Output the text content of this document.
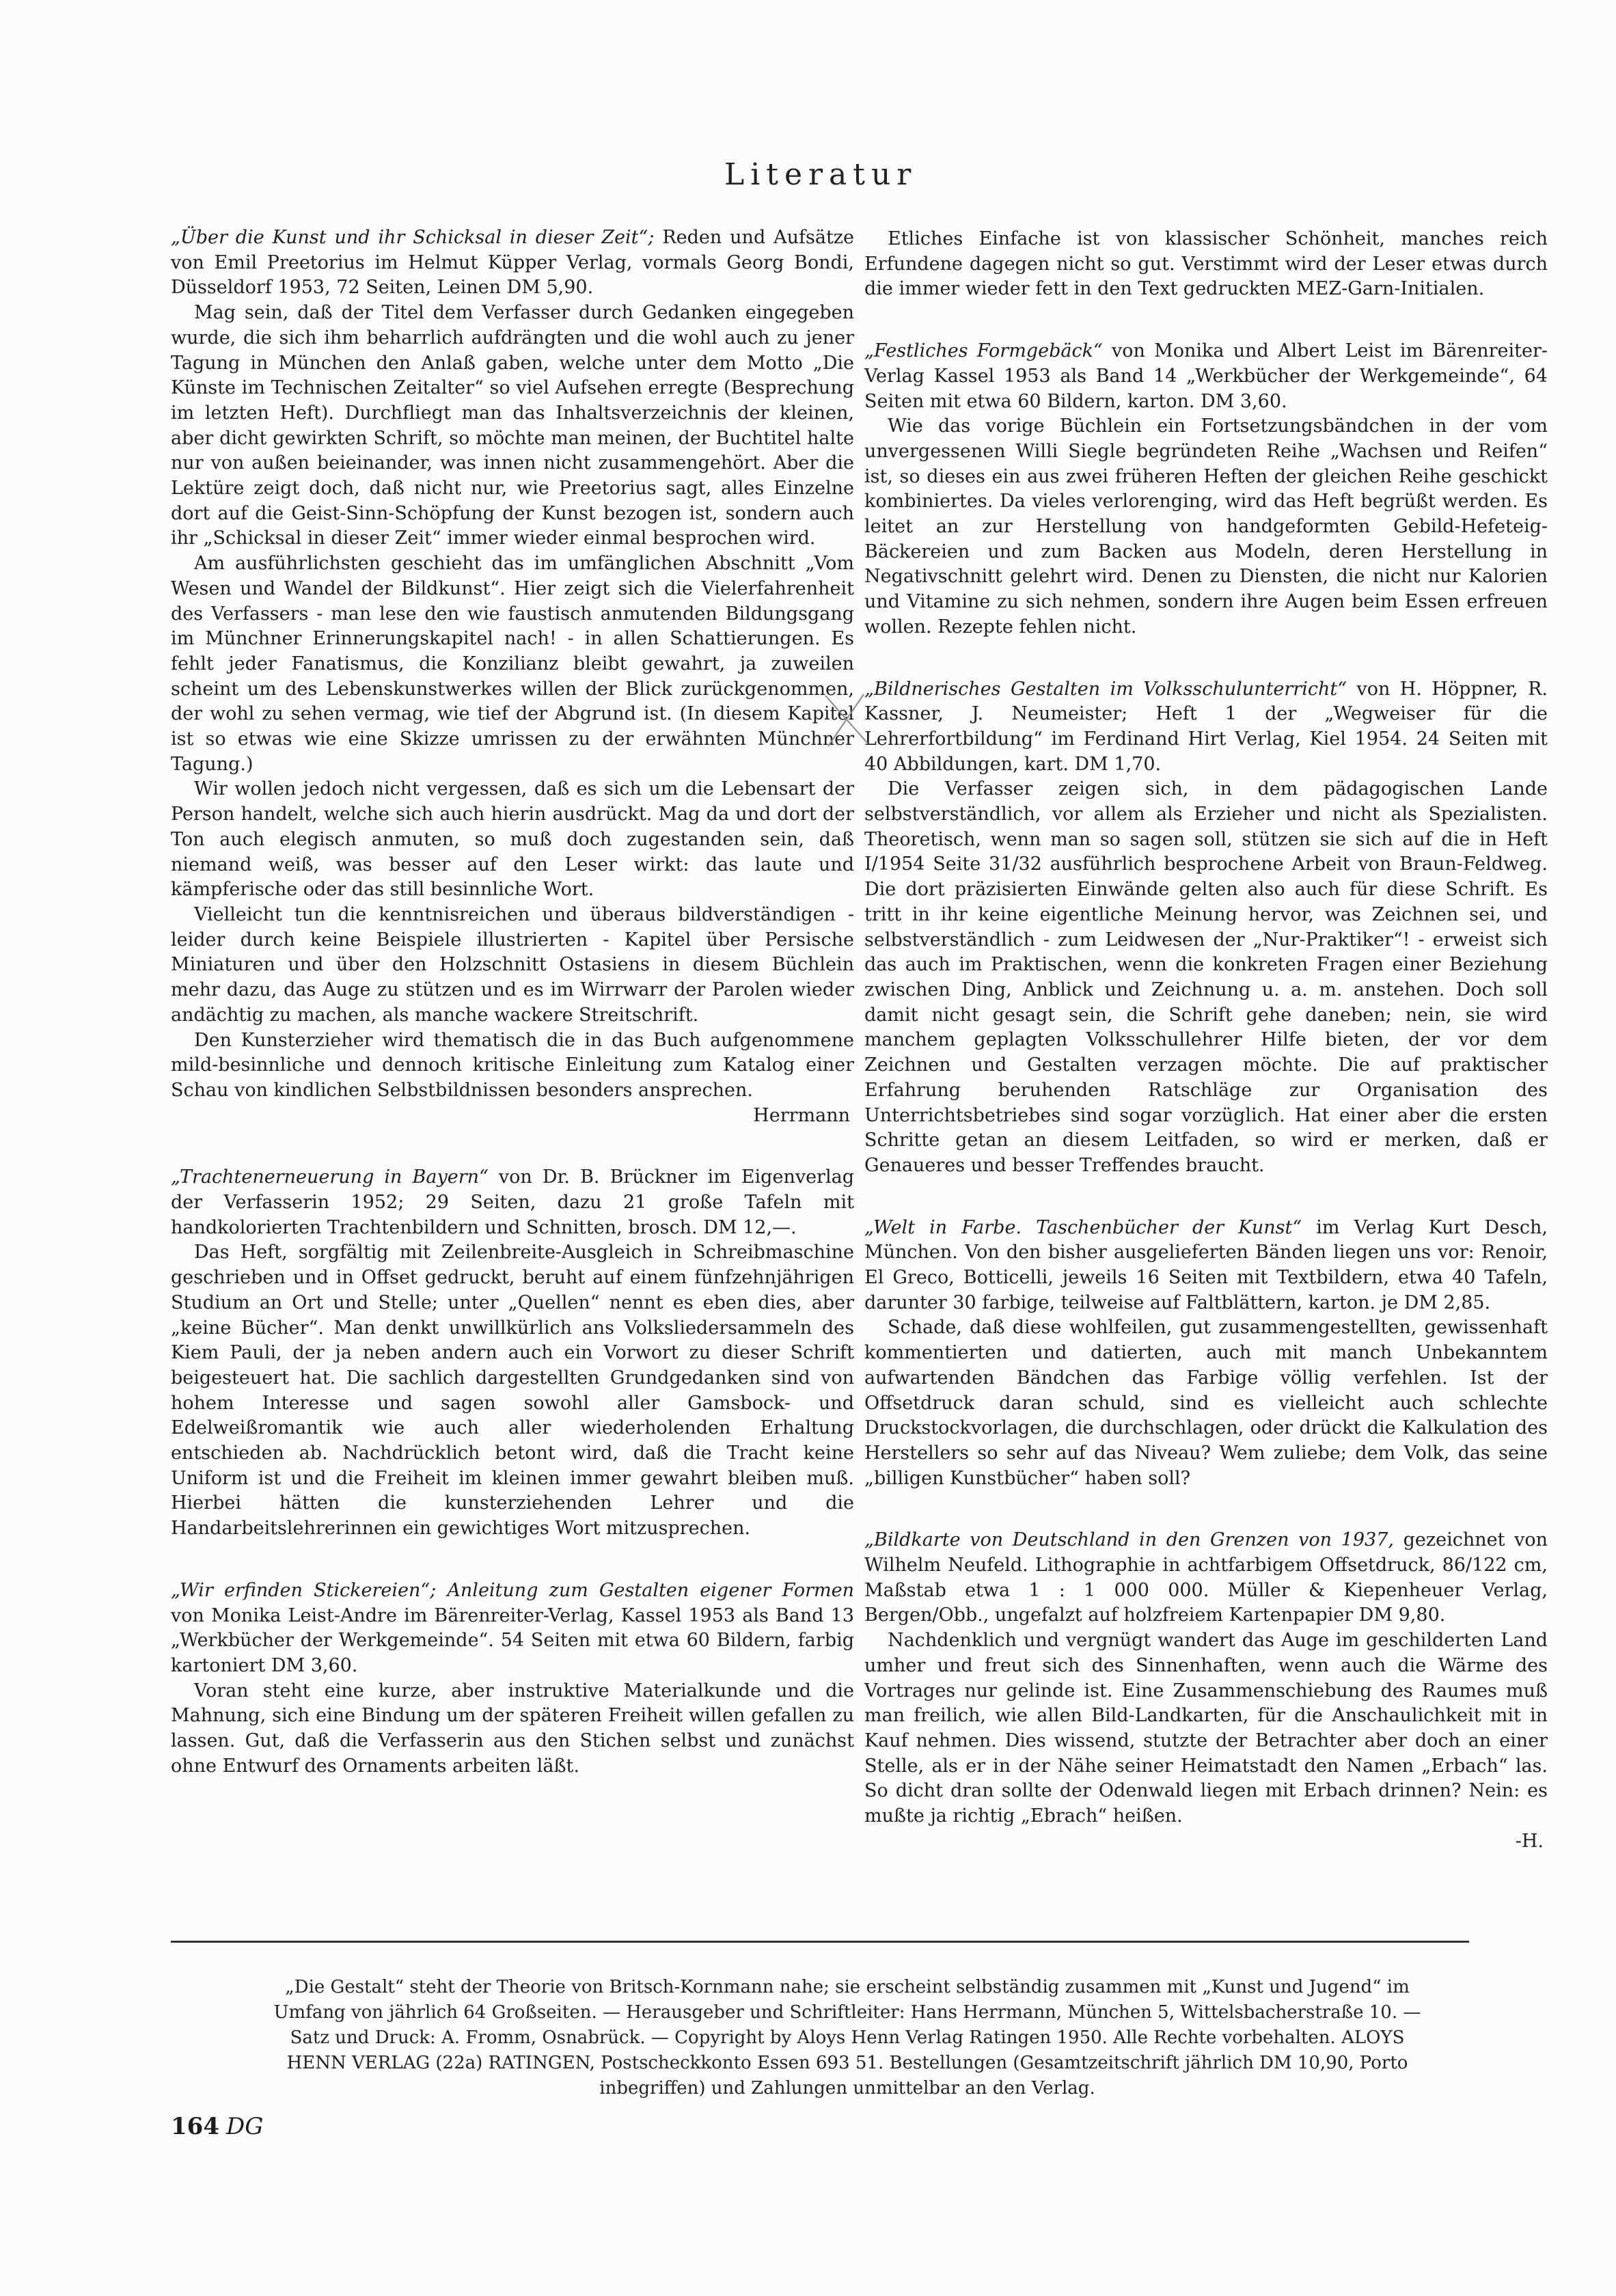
Literatur

„Über die Kunst und ihr Schicksal in dieser Zeit“; Reden und Aufsätze von Emil Preetorius im Helmut Küpper Verlag, vormals Georg Bondi, Düsseldorf 1953, 72 Seiten, Leinen DM 5,90.

Mag sein, daß der Titel dem Verfasser durch Gedanken eingegeben wurde, die sich ihm beharrlich aufdrängten und die wohl auch zu jener Tagung in München den Anlaß gaben, welche unter dem Motto „Die Künste im Technischen Zeitalter“ so viel Aufsehen erregte (Besprechung im letzten Heft). Durchfliegt man das Inhaltsverzeichnis der kleinen, aber dicht gewirkten Schrift, so möchte man meinen, der Buchtitel halte nur von außen beieinander, was innen nicht zusammengehört. Aber die Lektüre zeigt doch, daß nicht nur, wie Preetorius sagt, alles Einzelne dort auf die Geist-Sinn-Schöpfung der Kunst bezogen ist, sondern auch ihr „Schicksal in dieser Zeit“ immer wieder einmal besprochen wird.

Am ausführlichsten geschieht das im umfänglichen Abschnitt „Vom Wesen und Wandel der Bildkunst“. Hier zeigt sich die Vielerfahrenheit des Verfassers - man lese den wie faustisch anmutenden Bildungsgang im Münchner Erinnerungskapitel nach! - in allen Schattierungen. Es fehlt jeder Fanatismus, die Konzilianz bleibt gewahrt, ja zuweilen scheint um des Lebenskunstwerkes willen der Blick zurückgenommen, der wohl zu sehen vermag, wie tief der Abgrund ist. (In diesem Kapitel ist so etwas wie eine Skizze umrissen zu der erwähnten Münchner Tagung.)

Wir wollen jedoch nicht vergessen, daß es sich um die Lebensart der Person handelt, welche sich auch hierin ausdrückt. Mag da und dort der Ton auch elegisch anmuten, so muß doch zugestanden sein, daß niemand weiß, was besser auf den Leser wirkt: das laute und kämpferische oder das still besinnliche Wort.

Vielleicht tun die kenntnisreichen und überaus bildverständigen - leider durch keine Beispiele illustrierten - Kapitel über Persische Miniaturen und über den Holzschnitt Ostasiens in diesem Büchlein mehr dazu, das Auge zu stützen und es im Wirrwarr der Parolen wieder andächtig zu machen, als manche wackere Streitschrift.

Den Kunsterzieher wird thematisch die in das Buch aufgenommene mild-besinnliche und dennoch kritische Einleitung zum Katalog einer Schau von kindlichen Selbstbildnissen besonders ansprechen.

Herrmann

„Trachtenerneuerung in Bayern“ von Dr. B. Brückner im Eigenverlag der Verfasserin 1952; 29 Seiten, dazu 21 große Tafeln mit handkolorierten Trachtenbildern und Schnitten, brosch. DM 12,—.

Das Heft, sorgfältig mit Zeilenbreite-Ausgleich in Schreibmaschine geschrieben und in Offset gedruckt, beruht auf einem fünfzehnjährigen Studium an Ort und Stelle; unter „Quellen“ nennt es eben dies, aber „keine Bücher“. Man denkt unwillkürlich ans Volksliedersammeln des Kiem Pauli, der ja neben andern auch ein Vorwort zu dieser Schrift beigesteuert hat. Die sachlich dargestellten Grundgedanken sind von hohem Interesse und sagen sowohl aller Gamsbock- und Edelweißromantik wie auch aller wiederholenden Erhaltung entschieden ab. Nachdrücklich betont wird, daß die Tracht keine Uniform ist und die Freiheit im kleinen immer gewahrt bleiben muß. Hierbei hätten die kunsterziehenden Lehrer und die Handarbeitslehrerinnen ein gewichtiges Wort mitzusprechen.

„Wir erfinden Stickereien“; Anleitung zum Gestalten eigener Formen von Monika Leist-Andre im Bärenreiter-Verlag, Kassel 1953 als Band 13 „Werkbücher der Werkgemeinde“. 54 Seiten mit etwa 60 Bildern, farbig kartoniert DM 3,60.

Voran steht eine kurze, aber instruktive Materialkunde und die Mahnung, sich eine Bindung um der späteren Freiheit willen gefallen zu lassen. Gut, daß die Verfasserin aus den Stichen selbst und zunächst ohne Entwurf des Ornaments arbeiten läßt.

Etliches Einfache ist von klassischer Schönheit, manches reich Erfundene dagegen nicht so gut. Verstimmt wird der Leser etwas durch die immer wieder fett in den Text gedruckten MEZ-Garn-Initialen.

„Festliches Formgebäck“ von Monika und Albert Leist im Bärenreiter-Verlag Kassel 1953 als Band 14 „Werkbücher der Werkgemeinde“, 64 Seiten mit etwa 60 Bildern, karton. DM 3,60.

Wie das vorige Büchlein ein Fortsetzungsbändchen in der vom unvergessenen Willi Siegle begründeten Reihe „Wachsen und Reifen“ ist, so dieses ein aus zwei früheren Heften der gleichen Reihe geschickt kombiniertes. Da vieles verlorenging, wird das Heft begrüßt werden. Es leitet an zur Herstellung von handgeformten Gebild-Hefeteig-Bäckereien und zum Backen aus Modeln, deren Herstellung in Negativschnitt gelehrt wird. Denen zu Diensten, die nicht nur Kalorien und Vitamine zu sich nehmen, sondern ihre Augen beim Essen erfreuen wollen. Rezepte fehlen nicht.

„Bildnerisches Gestalten im Volksschulunterricht“ von H. Höppner, R. Kassner, J. Neumeister; Heft 1 der „Wegweiser für die Lehrerfortbildung“ im Ferdinand Hirt Verlag, Kiel 1954. 24 Seiten mit 40 Abbildungen, kart. DM 1,70.

Die Verfasser zeigen sich, in dem pädagogischen Lande selbstverständlich, vor allem als Erzieher und nicht als Spezialisten. Theoretisch, wenn man so sagen soll, stützen sie sich auf die in Heft I/1954 Seite 31/32 ausführlich besprochene Arbeit von Braun-Feldweg. Die dort präzisierten Einwände gelten also auch für diese Schrift. Es tritt in ihr keine eigentliche Meinung hervor, was Zeichnen sei, und selbstverständlich - zum Leidwesen der „Nur-Praktiker“! - erweist sich das auch im Praktischen, wenn die konkreten Fragen einer Beziehung zwischen Ding, Anblick und Zeichnung u. a. m. anstehen. Doch soll damit nicht gesagt sein, die Schrift gehe daneben; nein, sie wird manchem geplagten Volksschullehrer Hilfe bieten, der vor dem Zeichnen und Gestalten verzagen möchte. Die auf praktischer Erfahrung beruhenden Ratschläge zur Organisation des Unterrichtsbetriebes sind sogar vorzüglich. Hat einer aber die ersten Schritte getan an diesem Leitfaden, so wird er merken, daß er Genaueres und besser Treffendes braucht.

„Welt in Farbe. Taschenbücher der Kunst“ im Verlag Kurt Desch, München. Von den bisher ausgelieferten Bänden liegen uns vor: Renoir, El Greco, Botticelli, jeweils 16 Seiten mit Textbildern, etwa 40 Tafeln, darunter 30 farbige, teilweise auf Faltblättern, karton. je DM 2,85.

Schade, daß diese wohlfeilen, gut zusammengestellten, gewissenhaft kommentierten und datierten, auch mit manch Unbekanntem aufwartenden Bändchen das Farbige völlig verfehlen. Ist der Offsetdruck daran schuld, sind es vielleicht auch schlechte Druckstockvorlagen, die durchschlagen, oder drückt die Kalkulation des Herstellers so sehr auf das Niveau? Wem zuliebe; dem Volk, das seine „billigen Kunstbücher“ haben soll?

„Bildkarte von Deutschland in den Grenzen von 1937, gezeichnet von Wilhelm Neufeld. Lithographie in achtfarbigem Offsetdruck, 86/122 cm, Maßstab etwa 1 : 1 000 000. Müller & Kiepenheuer Verlag, Bergen/Obb., ungefalzt auf holzfreiem Kartenpapier DM 9,80.

Nachdenklich und vergnügt wandert das Auge im geschilderten Land umher und freut sich des Sinnenhaften, wenn auch die Wärme des Vortrages nur gelinde ist. Eine Zusammenschiebung des Raumes muß man freilich, wie allen Bild-Landkarten, für die Anschaulichkeit mit in Kauf nehmen. Dies wissend, stutzte der Betrachter aber doch an einer Stelle, als er in der Nähe seiner Heimatstadt den Namen „Erbach“ las. So dicht dran sollte der Odenwald liegen mit Erbach drinnen? Nein: es mußte ja richtig „Ebrach“ heißen.

-H.

„Die Gestalt“ steht der Theorie von Britsch-Kornmann nahe; sie erscheint selbständig zusammen mit „Kunst und Jugend“ im
Umfang von jährlich 64 Großseiten. — Herausgeber und Schriftleiter: Hans Herrmann, München 5, Wittelsbacherstraße 10. —
Satz und Druck: A. Fromm, Osnabrück. — Copyright by Aloys Henn Verlag Ratingen 1950. Alle Rechte vorbehalten. ALOYS
HENN VERLAG (22a) RATINGEN, Postscheckkonto Essen 693 51. Bestellungen (Gesamtzeitschrift jährlich DM 10,90, Porto
inbegriffen) und Zahlungen unmittelbar an den Verlag.
164 DG
